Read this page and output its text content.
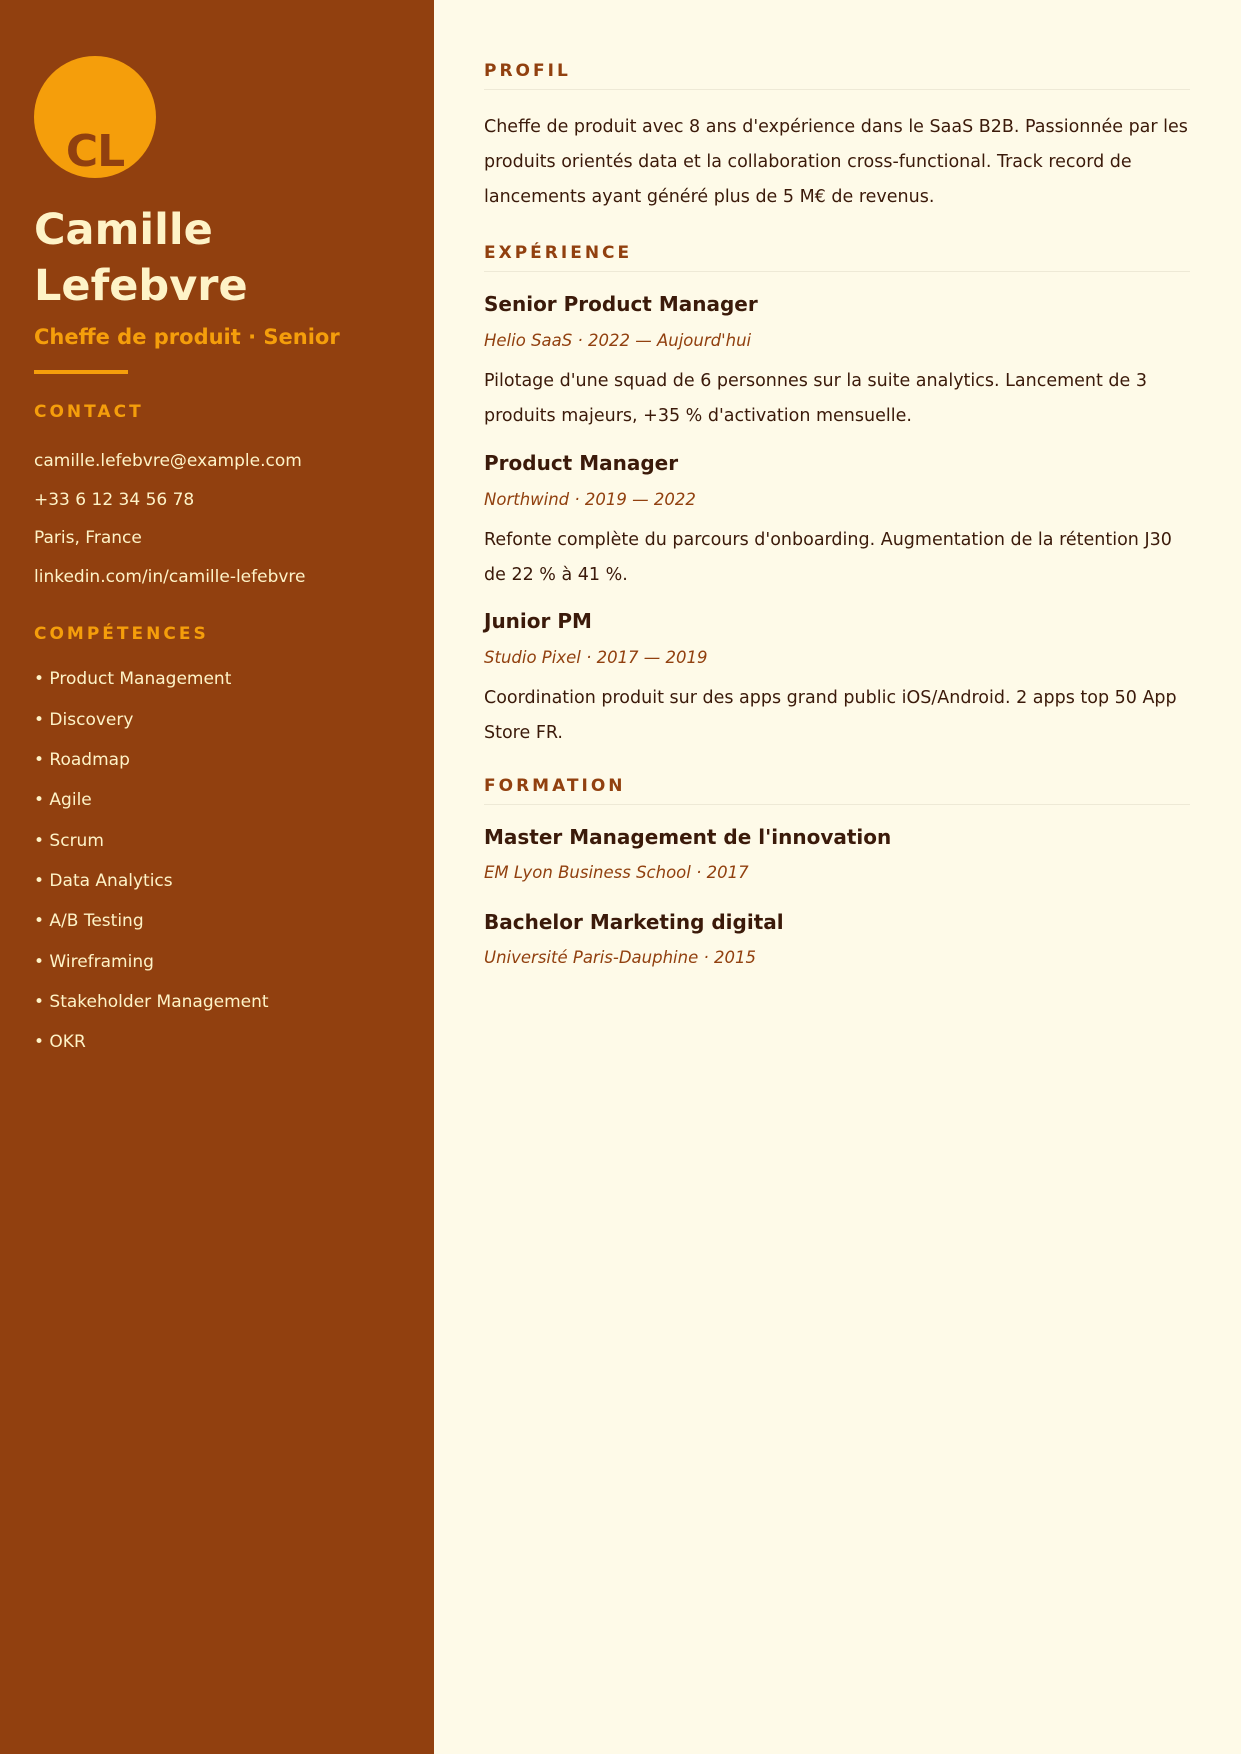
CL
Camille
Lefebvre
Cheffe de produit · Senior
CONTACT
camille.lefebvre@example.com
+33 6 12 34 56 78
Paris, France
linkedin.com/in/camille-lefebvre
COMPÉTENCES
• Product Management
• Discovery
• Roadmap
• Agile
• Scrum
• Data Analytics
• A/B Testing
• Wireframing
• Stakeholder Management
• OKR
PROFIL
Cheffe de produit avec 8 ans d'expérience dans le SaaS B2B. Passionnée par les produits orientés data et la collaboration cross-functional. Track record de lancements ayant généré plus de 5 M€ de revenus.
EXPÉRIENCE
Senior Product Manager
Helio SaaS · 2022 — Aujourd'hui
Pilotage d'une squad de 6 personnes sur la suite analytics. Lancement de 3 produits majeurs, +35 % d'activation mensuelle.
Product Manager
Northwind · 2019 — 2022
Refonte complète du parcours d'onboarding. Augmentation de la rétention J30 de 22 % à 41 %.
Junior PM
Studio Pixel · 2017 — 2019
Coordination produit sur des apps grand public iOS/Android. 2 apps top 50 App Store FR.
FORMATION
Master Management de l'innovation
EM Lyon Business School · 2017
Bachelor Marketing digital
Université Paris-Dauphine · 2015
